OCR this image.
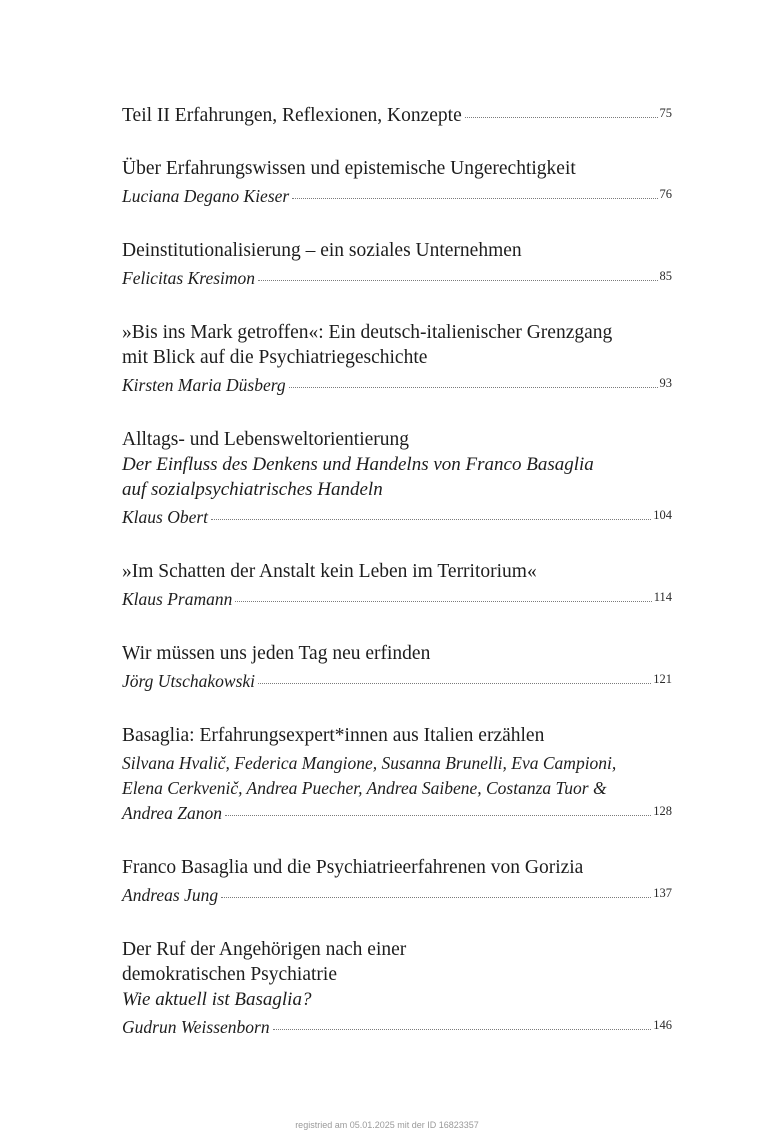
Teil II Erfahrungen, Reflexionen, Konzepte	75
Über Erfahrungswissen und epistemische Ungerechtigkeit
Luciana Degano Kieser	76
Deinstitutionalisierung – ein soziales Unternehmen
Felicitas Kresimon	85
»Bis ins Mark getroffen«: Ein deutsch-italienischer Grenzgang
mit Blick auf die Psychiatriegeschichte
Kirsten Maria Düsberg	93
Alltags- und Lebensweltorientierung
Der Einfluss des Denkens und Handelns von Franco Basaglia
auf sozialpsychiatrisches Handeln
Klaus Obert	104
»Im Schatten der Anstalt kein Leben im Territorium«
Klaus Pramann	114
Wir müssen uns jeden Tag neu erfinden
Jörg Utschakowski	121
Basaglia: Erfahrungsexpert*innen aus Italien erzählen
Silvana Hvalič, Federica Mangione, Susanna Brunelli, Eva Campioni,
Elena Cerkvenič, Andrea Puecher, Andrea Saibene, Costanza Tuor &
Andrea Zanon	128
Franco Basaglia und die Psychiatrieerfahrenen von Gorizia
Andreas Jung	137
Der Ruf der Angehörigen nach einer
demokratischen Psychiatrie
Wie aktuell ist Basaglia?
Gudrun Weissenborn	146
registried am 05.01.2025 mit der ID 16823357
